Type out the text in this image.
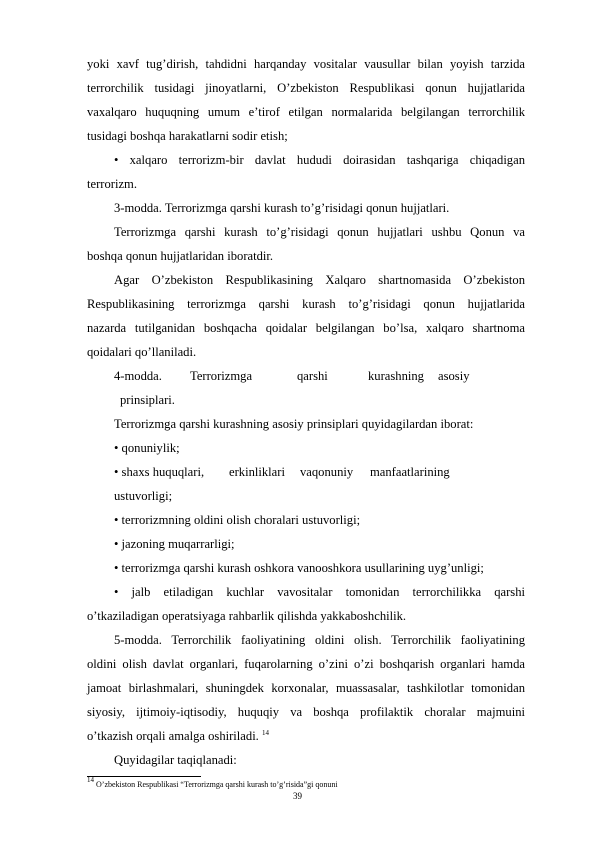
yoki xavf tug’dirish, tahdidni harqanday vositalar vausullar bilan yoyish tarzida
terrorchilik tusidagi jinoyatlarni, O’zbekiston Respublikasi qonun hujjatlarida
vaxalqaro huquqning umum e’tirof etilgan normalarida belgilangan terrorchilik
tusidagi boshqa harakatlarni sodir etish;
• xalqaro terrorizm-bir davlat hududi doirasidan tashqariga chiqadigan
terrorizm.
3-modda. Terrorizmga qarshi kurash to’g’risidagi qonun hujjatlari.
Terrorizmga qarshi kurash to’g’risidagi qonun hujjatlari ushbu Qonun va
boshqa qonun hujjatlaridan iboratdir.
Agar O’zbekiston Respublikasining Xalqaro shartnomasida O’zbekiston
Respublikasining terrorizmga qarshi kurash to’g’risidagi qonun hujjatlarida
nazarda tutilganidan boshqacha qoidalar belgilangan bo’lsa, xalqaro shartnoma
qoidalari qo’llaniladi.
4-modda. Terrorizmga	qarshi	kurashning asosiy
prinsiplari.
Terrorizmga qarshi kurashning asosiy prinsiplari quyidagilardan iborat:
• qonuniylik;
• shaxs huquqlari, erkinliklari vaqonuniy manfaatlarining
ustuvorligi;
• terrorizmning oldini olish choralari ustuvorligi;
• jazoning muqarrarligi;
• terrorizmga qarshi kurash oshkora vanooshkora usullarining uyg’unligi;
• jalb etiladigan kuchlar vavositalar tomonidan terrorchilikka qarshi
o’tkaziladigan operatsiyaga rahbarlik qilishda yakkaboshchilik.
5-modda. Terrorchilik faoliyatining oldini olish. Terrorchilik faoliyatining
oldini olish davlat organlari, fuqarolarning o’zini o’zi boshqarish organlari hamda
jamoat birlashmalari, shuningdek korxonalar, muassasalar, tashkilotlar tomonidan
siyosiy, ijtimoiy-iqtisodiy, huquqiy va boshqa profilaktik choralar majmuini
o’tkazish orqali amalga oshiriladi. $^{14}$
Quyidagilar taqiqlanadi:
$^{14}$ O’zbekiston Respublikasi “Terrorizmga qarshi kurash to’g’risida”gi qonuni
39
